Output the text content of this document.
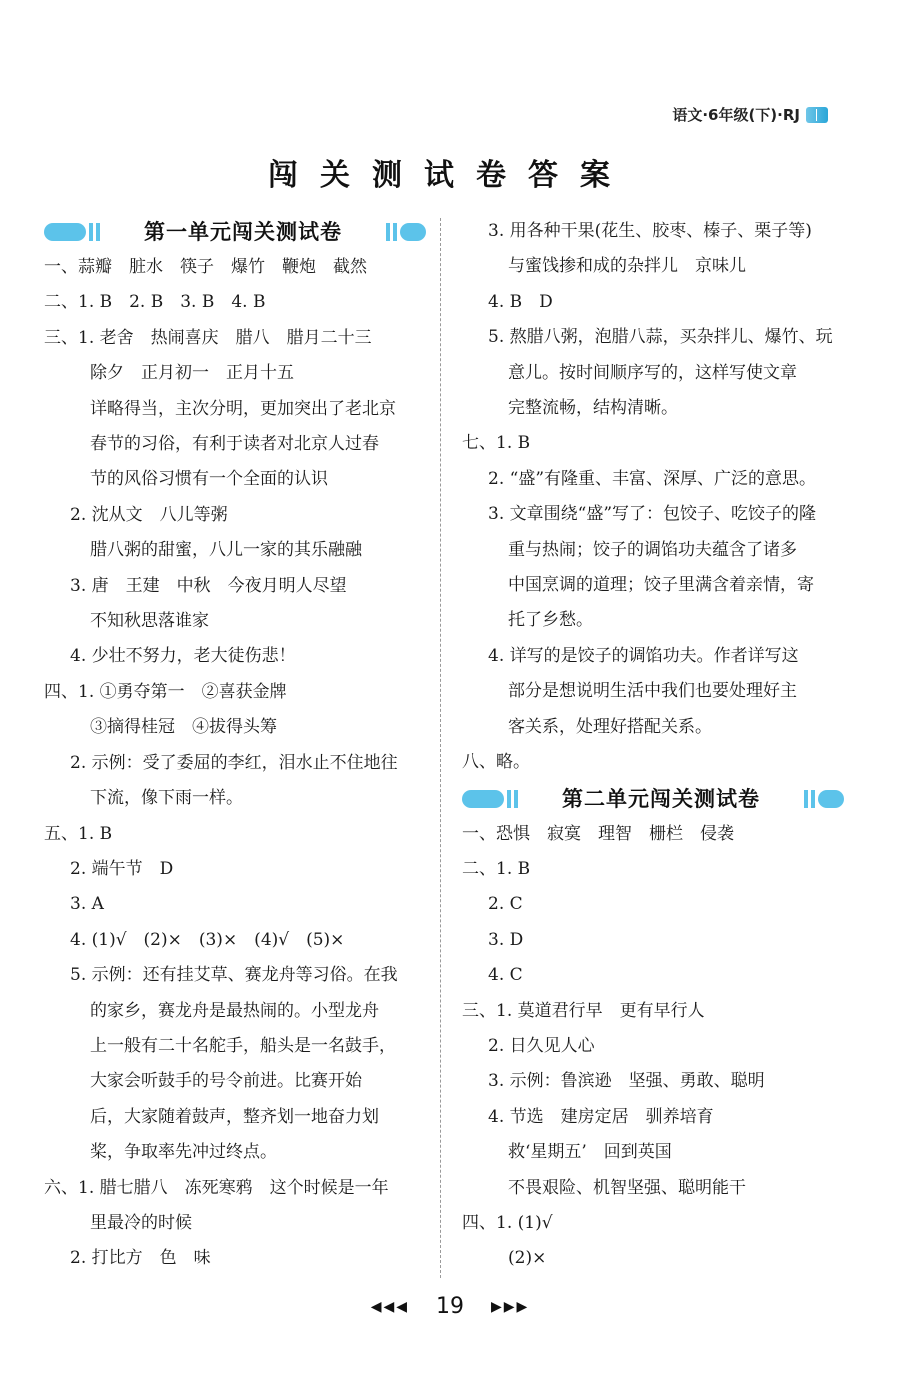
语文·6年级(下)·RJ
闯关测试卷答案
第一单元闯关测试卷
一、蒜瓣　脏水　筷子　爆竹　鞭炮　截然
二、1. B　2. B　3. B　4. B
三、1. 老舍　热闹喜庆　腊八　腊月二十三
除夕　正月初一　正月十五
详略得当，主次分明，更加突出了老北京
春节的习俗，有利于读者对北京人过春
节的风俗习惯有一个全面的认识
2. 沈从文　八儿等粥
腊八粥的甜蜜，八儿一家的其乐融融
3. 唐　王建　中秋　今夜月明人尽望
不知秋思落谁家
4. 少壮不努力，老大徒伤悲！
四、1. ①勇夺第一　②喜获金牌
③摘得桂冠　④拔得头筹
2. 示例：受了委屈的李红，泪水止不住地往
下流，像下雨一样。
五、1. B
2. 端午节　D
3. A
4. (1)√　(2)×　(3)×　(4)√　(5)×
5. 示例：还有挂艾草、赛龙舟等习俗。在我
的家乡，赛龙舟是最热闹的。小型龙舟
上一般有二十名舵手，船头是一名鼓手，
大家会听鼓手的号令前进。比赛开始
后，大家随着鼓声，整齐划一地奋力划
桨，争取率先冲过终点。
六、1. 腊七腊八　冻死寒鸦　这个时候是一年
里最冷的时候
2. 打比方　色　味
3. 用各种干果(花生、胶枣、榛子、栗子等)
与蜜饯掺和成的杂拌儿　京味儿
4. B　D
5. 熬腊八粥，泡腊八蒜，买杂拌儿、爆竹、玩
意儿。按时间顺序写的，这样写使文章
完整流畅，结构清晰。
七、1. B
2. “盛”有隆重、丰富、深厚、广泛的意思。
3. 文章围绕“盛”写了：包饺子、吃饺子的隆
重与热闹；饺子的调馅功夫蕴含了诸多
中国烹调的道理；饺子里满含着亲情，寄
托了乡愁。
4. 详写的是饺子的调馅功夫。作者详写这
部分是想说明生活中我们也要处理好主
客关系，处理好搭配关系。
八、略。
第二单元闯关测试卷
一、恐惧　寂寞　理智　栅栏　侵袭
二、1. B
2. C
3. D
4. C
三、1. 莫道君行早　更有早行人
2. 日久见人心
3. 示例：鲁滨逊　坚强、勇敢、聪明
4. 节选　建房定居　驯养培育
救‘星期五’　回到英国
不畏艰险、机智坚强、聪明能干
四、1. (1)√
(2)×
◀◀◀ 19 ▶▶▶
